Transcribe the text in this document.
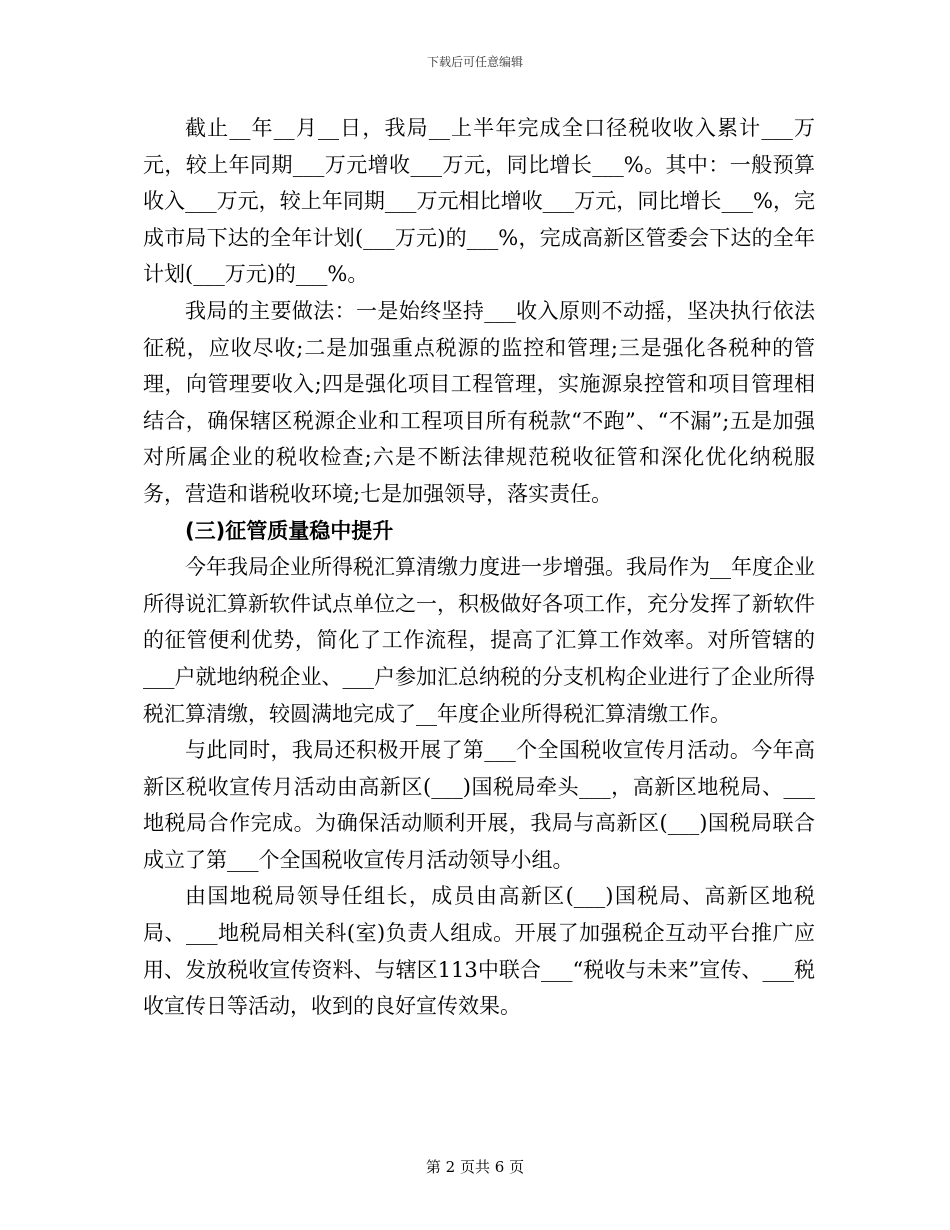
下载后可任意编辑

截止__年__月__日，我局__上半年完成全口径税收收入累计___万元，较上年同期___万元增收___万元，同比增长___%。其中：一般预算收入___万元，较上年同期___万元相比增收___万元，同比增长___%，完成市局下达的全年计划(___万元)的___%，完成高新区管委会下达的全年计划(___万元)的___%。

我局的主要做法：一是始终坚持___收入原则不动摇，坚决执行依法征税，应收尽收;二是加强重点税源的监控和管理;三是强化各税种的管理，向管理要收入;四是强化项目工程管理，实施源泉控管和项目管理相结合，确保辖区税源企业和工程项目所有税款“不跑”、“不漏”;五是加强对所属企业的税收检查;六是不断法律规范税收征管和深化优化纳税服务，营造和谐税收环境;七是加强领导，落实责任。

(三)征管质量稳中提升

今年我局企业所得税汇算清缴力度进一步增强。我局作为__年度企业所得说汇算新软件试点单位之一，积极做好各项工作，充分发挥了新软件的征管便利优势，简化了工作流程，提高了汇算工作效率。对所管辖的___户就地纳税企业、___户参加汇总纳税的分支机构企业进行了企业所得税汇算清缴，较圆满地完成了__年度企业所得税汇算清缴工作。

与此同时，我局还积极开展了第___个全国税收宣传月活动。今年高新区税收宣传月活动由高新区(___)国税局牵头___，高新区地税局、___地税局合作完成。为确保活动顺利开展，我局与高新区(___)国税局联合成立了第___个全国税收宣传月活动领导小组。

由国地税局领导任组长，成员由高新区(___)国税局、高新区地税局、___地税局相关科(室)负责人组成。开展了加强税企互动平台推广应用、发放税收宣传资料、与辖区113中联合___“税收与未来”宣传、___税收宣传日等活动，收到的良好宣传效果。

第 2 页共 6 页
